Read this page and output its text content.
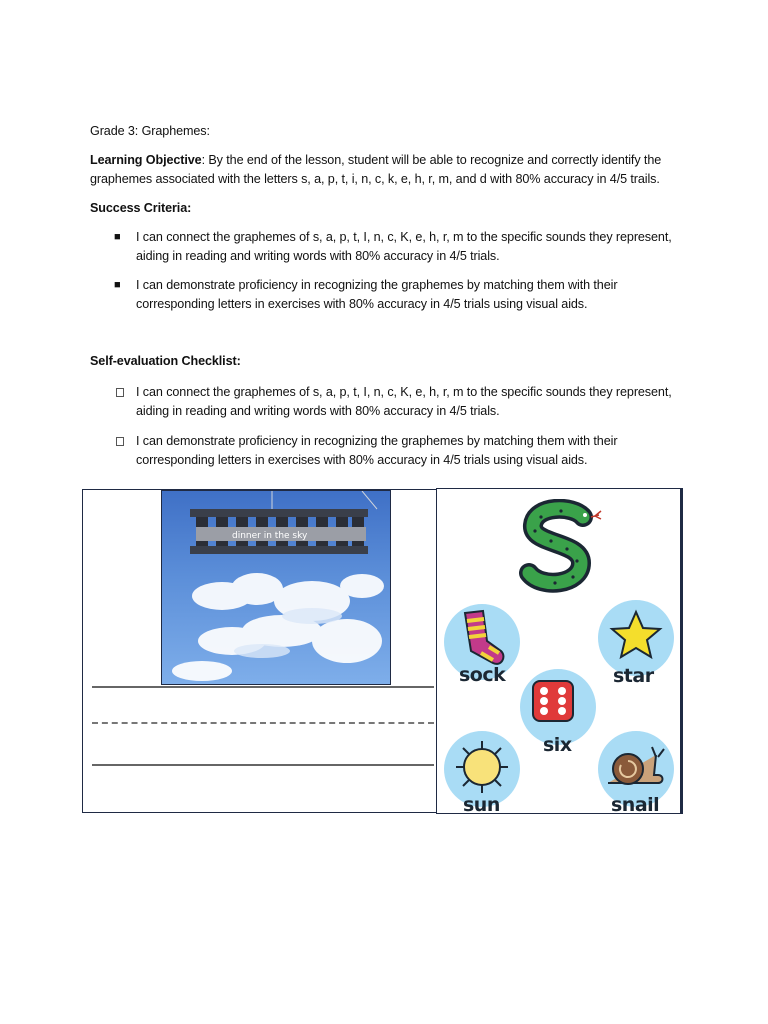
Grade 3: Graphemes:
Learning Objective: By the end of the lesson, student will be able to recognize and correctly identify the
graphemes associated with the letters s, a, p, t, i, n, c, k, e, h, r, m, and d with 80% accuracy in 4/5 trails.
Success Criteria:
■ I can connect the graphemes of s, a, p, t, I, n, c, K, e, h, r, m to the specific sounds they represent,
aiding in reading and writing words with 80% accuracy in 4/5 trials.
■ I can demonstrate proficiency in recognizing the graphemes by matching them with their
corresponding letters in exercises with 80% accuracy in 4/5 trials using visual aids.
Self-evaluation Checklist:
I can connect the graphemes of s, a, p, t, I, n, c, K, e, h, r, m to the specific sounds they represent,
aiding in reading and writing words with 80% accuracy in 4/5 trials.
I can demonstrate proficiency in recognizing the graphemes by matching them with their
corresponding letters in exercises with 80% accuracy in 4/5 trials using visual aids.
dinner in the sky
sock	star
six
sun	snail
